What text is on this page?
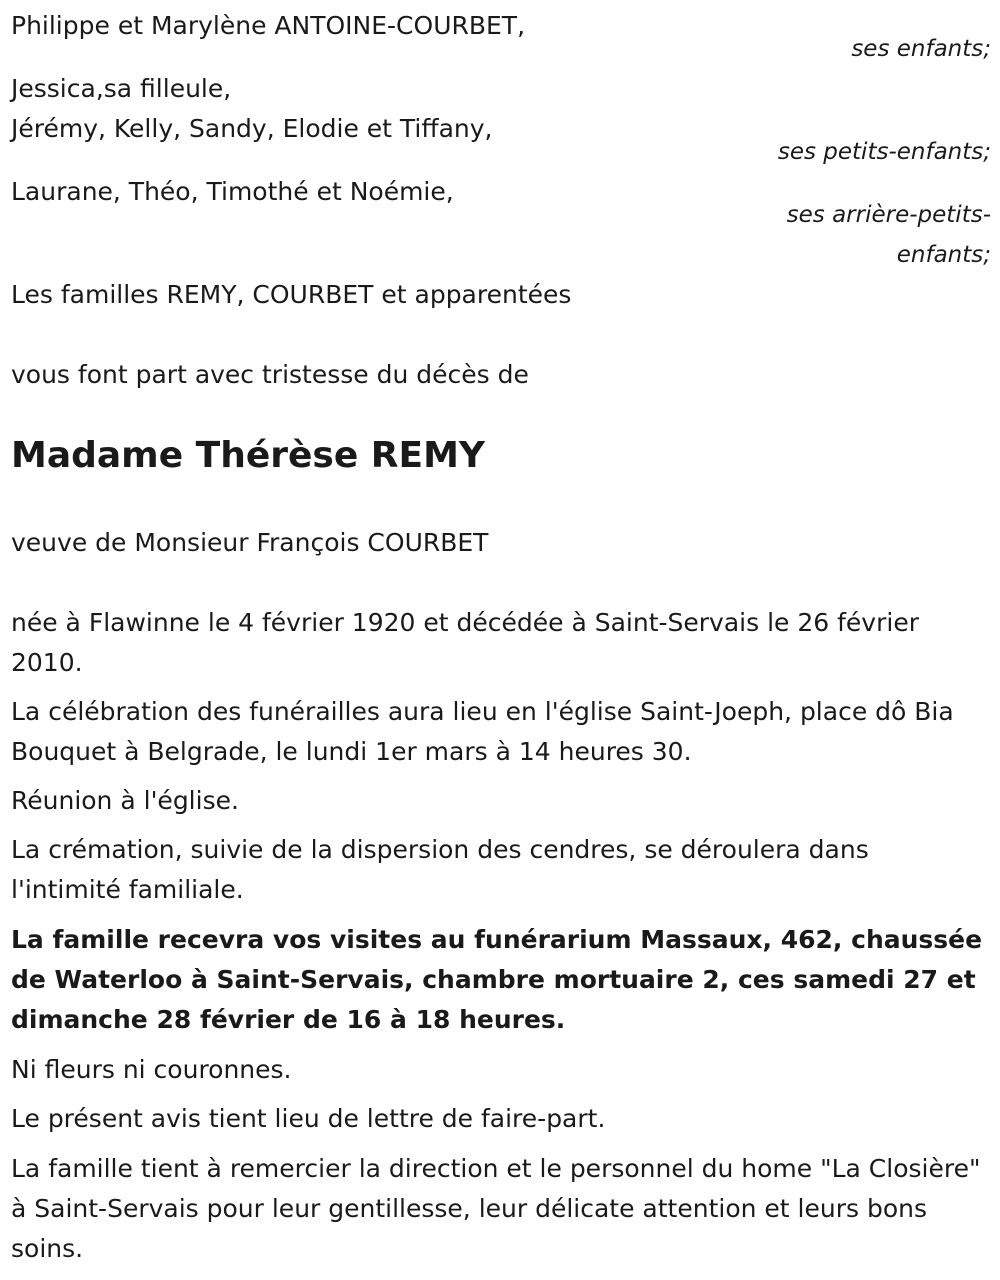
Philippe et Marylène ANTOINE-COURBET,
ses enfants;
Jessica,sa filleule,
Jérémy, Kelly, Sandy, Elodie et Tiffany,
ses petits-enfants;
Laurane, Théo, Timothé et Noémie,
ses arrière-petits-
enfants;
Les familles REMY, COURBET et apparentées
vous font part avec tristesse du décès de
Madame Thérèse REMY
veuve de Monsieur François COURBET
née à Flawinne le 4 février 1920 et décédée à Saint-Servais le 26 février 2010.
La célébration des funérailles aura lieu en l'église Saint-Joeph, place dô Bia Bouquet à Belgrade, le lundi 1er mars à 14 heures 30.
Réunion à l'église.
La crémation, suivie de la dispersion des cendres, se déroulera dans l'intimité familiale.
La famille recevra vos visites au funérarium Massaux, 462, chaussée de Waterloo à Saint-Servais, chambre mortuaire 2, ces samedi 27 et dimanche 28 février de 16 à 18 heures.
Ni fleurs ni couronnes.
Le présent avis tient lieu de lettre de faire-part.
La famille tient à remercier la direction et le personnel du home "La Closière" à Saint-Servais pour leur gentillesse, leur délicate attention et leurs bons soins.
